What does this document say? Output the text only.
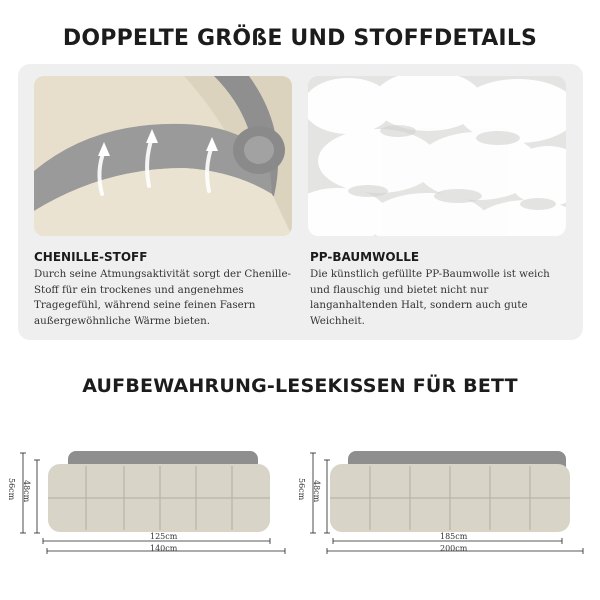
DOPPELTE GRÖßE UND STOFFDETAILS
CHENILLE-STOFF
Durch seine Atmungsaktivität sorgt der Chenille-Stoff für ein trockenes und angenehmes Tragegefühl, während seine feinen Fasern außergewöhnliche Wärme bieten.
PP-BAUMWOLLE
Die künstlich gefüllte PP-Baumwolle ist weich und flauschig und bietet nicht nur langanhaltenden Halt, sondern auch gute Weichheit.
AUFBEWAHRUNG-LESEKISSEN FÜR BETT
56cm 48cm
125cm
140cm
56cm 48cm
185cm
200cm
